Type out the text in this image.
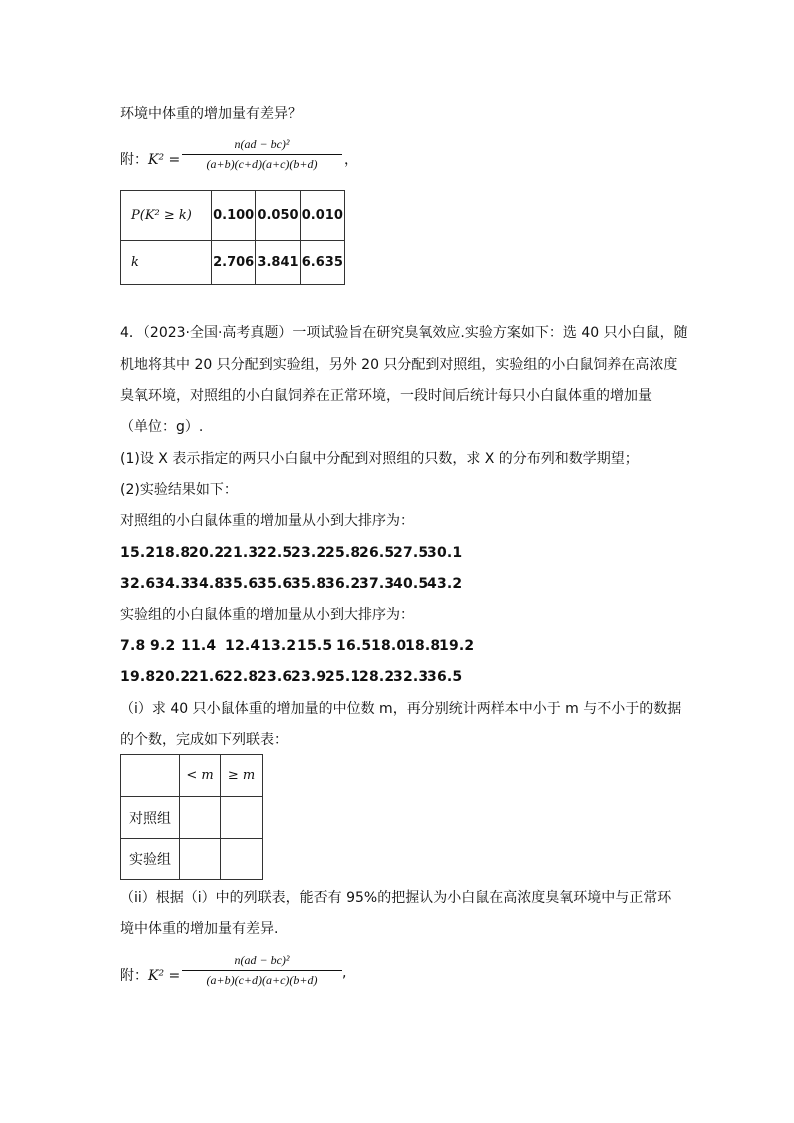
环境中体重的增加量有差异？
附：K² =
n(ad − bc)²
(a+b)(c+d)(a+c)(b+d)	，
P(K² ≥ k)	0.100	0.050	0.010
k	2.706	3.841	6.635
4．（2023·全国·高考真题）一项试验旨在研究臭氧效应.实验方案如下：选 40 只小白鼠，随
机地将其中 20 只分配到实验组，另外 20 只分配到对照组，实验组的小白鼠饲养在高浓度
臭氧环境，对照组的小白鼠饲养在正常环境，一段时间后统计每只小白鼠体重的增加量
（单位：g）.
(1)设 X 表示指定的两只小白鼠中分配到对照组的只数，求 X 的分布列和数学期望；
(2)实验结果如下：
对照组的小白鼠体重的增加量从小到大排序为：
15.218.820.221.322.523.225.826.527.530.1
32.634.334.835.635.635.836.237.340.543.2
实验组的小白鼠体重的增加量从小到大排序为：
7.8 9.2 11.4 12.413.215.5 16.518.018.819.2
19.820.221.622.823.623.925.128.232.336.5
（i）求 40 只小鼠体重的增加量的中位数 m，再分别统计两样本中小于 m 与不小于的数据
的个数，完成如下列联表：
	< m	≥ m
对照组		
实验组		
（ii）根据（i）中的列联表，能否有 95%的把握认为小白鼠在高浓度臭氧环境中与正常环
境中体重的增加量有差异.
附：K² =
n(ad − bc)²
(a+b)(c+d)(a+c)(b+d)	,
